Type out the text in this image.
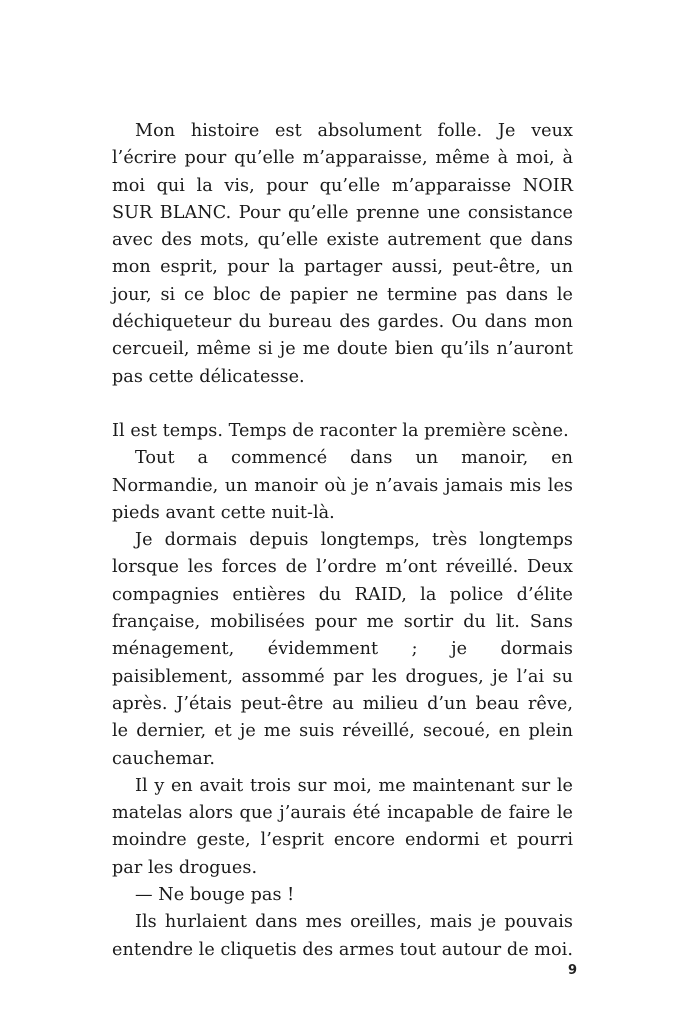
Mon histoire est absolument folle. Je veux l’écrire pour qu’elle m’apparaisse, même à moi, à moi qui la vis, pour qu’elle m’apparaisse NOIR SUR BLANC. Pour qu’elle prenne une consistance avec des mots, qu’elle existe autrement que dans mon esprit, pour la partager aussi, peut-être, un jour, si ce bloc de papier ne termine pas dans le déchiqueteur du bureau des gardes. Ou dans mon cercueil, même si je me doute bien qu’ils n’auront pas cette délicatesse.

Il est temps. Temps de raconter la première scène.

Tout a commencé dans un manoir, en Normandie, un manoir où je n’avais jamais mis les pieds avant cette nuit-là.

Je dormais depuis longtemps, très longtemps lorsque les forces de l’ordre m’ont réveillé. Deux compagnies entières du RAID, la police d’élite française, mobilisées pour me sortir du lit. Sans ménagement, évidemment ; je dormais paisiblement, assommé par les drogues, je l’ai su après. J’étais peut-être au milieu d’un beau rêve, le dernier, et je me suis réveillé, secoué, en plein cauchemar.

Il y en avait trois sur moi, me maintenant sur le matelas alors que j’aurais été incapable de faire le moindre geste, l’esprit encore endormi et pourri par les drogues.

— Ne bouge pas !

Ils hurlaient dans mes oreilles, mais je pouvais entendre le cliquetis des armes tout autour de moi.

9
